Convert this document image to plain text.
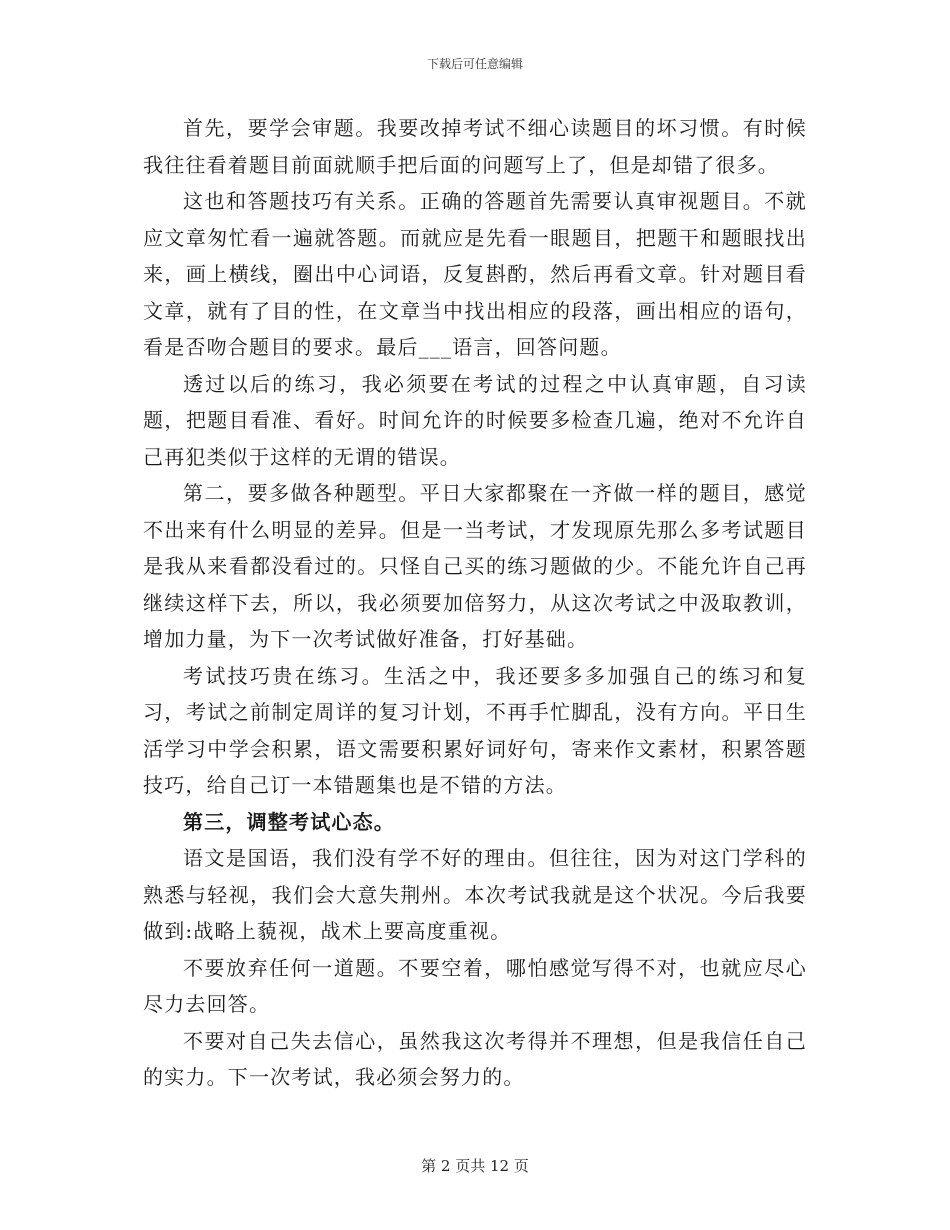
下载后可任意编辑

首先，要学会审题。我要改掉考试不细心读题目的坏习惯。有时候我往往看着题目前面就顺手把后面的问题写上了，但是却错了很多。

这也和答题技巧有关系。正确的答题首先需要认真审视题目。不就应文章匆忙看一遍就答题。而就应是先看一眼题目，把题干和题眼找出来，画上横线，圈出中心词语，反复斟酌，然后再看文章。针对题目看文章，就有了目的性，在文章当中找出相应的段落，画出相应的语句，看是否吻合题目的要求。最后___语言，回答问题。

透过以后的练习，我必须要在考试的过程之中认真审题，自习读题，把题目看准、看好。时间允许的时候要多检查几遍，绝对不允许自己再犯类似于这样的无谓的错误。

第二，要多做各种题型。平日大家都聚在一齐做一样的题目，感觉不出来有什么明显的差异。但是一当考试，才发现原先那么多考试题目是我从来看都没看过的。只怪自己买的练习题做的少。不能允许自己再继续这样下去，所以，我必须要加倍努力，从这次考试之中汲取教训，增加力量，为下一次考试做好准备，打好基础。

考试技巧贵在练习。生活之中，我还要多多加强自己的练习和复习，考试之前制定周详的复习计划，不再手忙脚乱，没有方向。平日生活学习中学会积累，语文需要积累好词好句，寄来作文素材，积累答题技巧，给自己订一本错题集也是不错的方法。

第三，调整考试心态。

语文是国语，我们没有学不好的理由。但往往，因为对这门学科的熟悉与轻视，我们会大意失荆州。本次考试我就是这个状况。今后我要做到:战略上藐视，战术上要高度重视。

不要放弃任何一道题。不要空着，哪怕感觉写得不对，也就应尽心尽力去回答。

不要对自己失去信心，虽然我这次考得并不理想，但是我信任自己的实力。下一次考试，我必须会努力的。

第 2 页共 12 页
